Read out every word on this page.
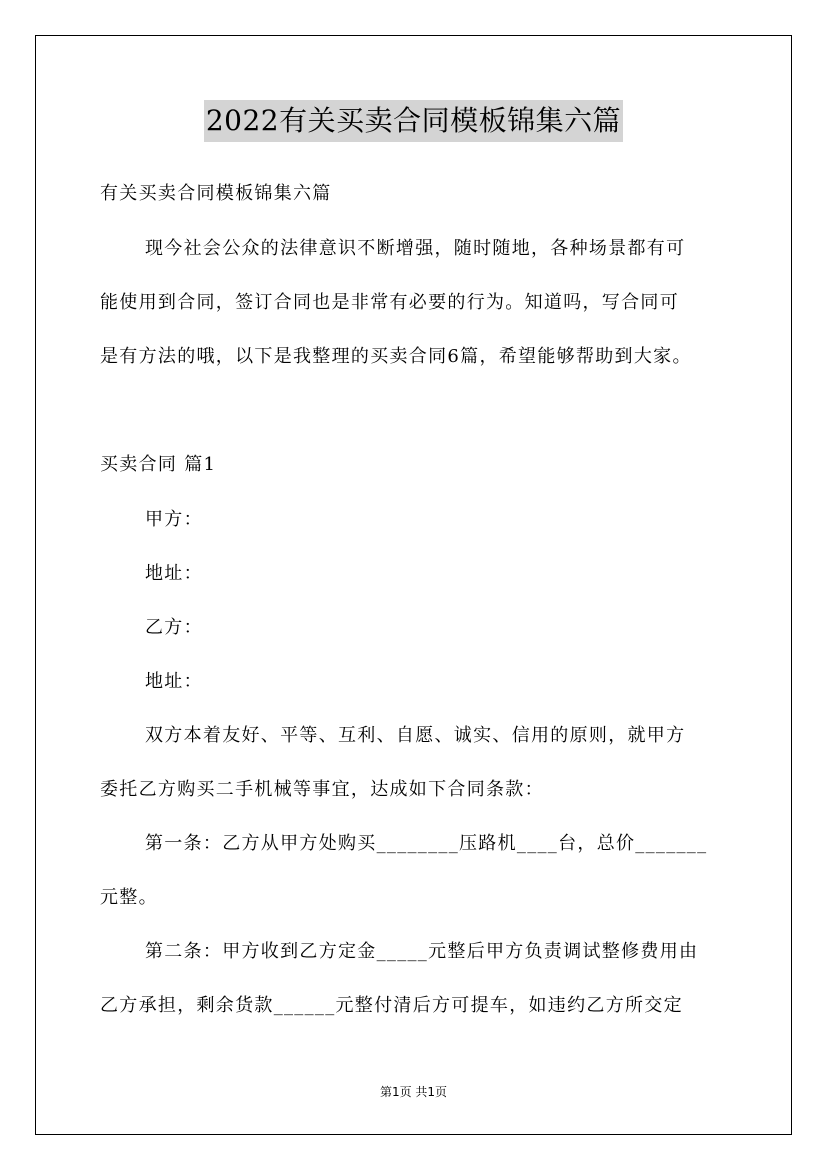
2022有关买卖合同模板锦集六篇
有关买卖合同模板锦集六篇
现今社会公众的法律意识不断增强，随时随地，各种场景都有可
能使用到合同，签订合同也是非常有必要的行为。知道吗，写合同可
是有方法的哦，以下是我整理的买卖合同6篇，希望能够帮助到大家。
买卖合同 篇1
甲方：
地址：
乙方：
地址：
双方本着友好、平等、互利、自愿、诚实、信用的原则，就甲方
委托乙方购买二手机械等事宜，达成如下合同条款：
第一条：乙方从甲方处购买________压路机____台，总价_______
元整。
第二条：甲方收到乙方定金_____元整后甲方负责调试整修费用由
乙方承担，剩余货款______元整付清后方可提车，如违约乙方所交定
第1页 共1页
